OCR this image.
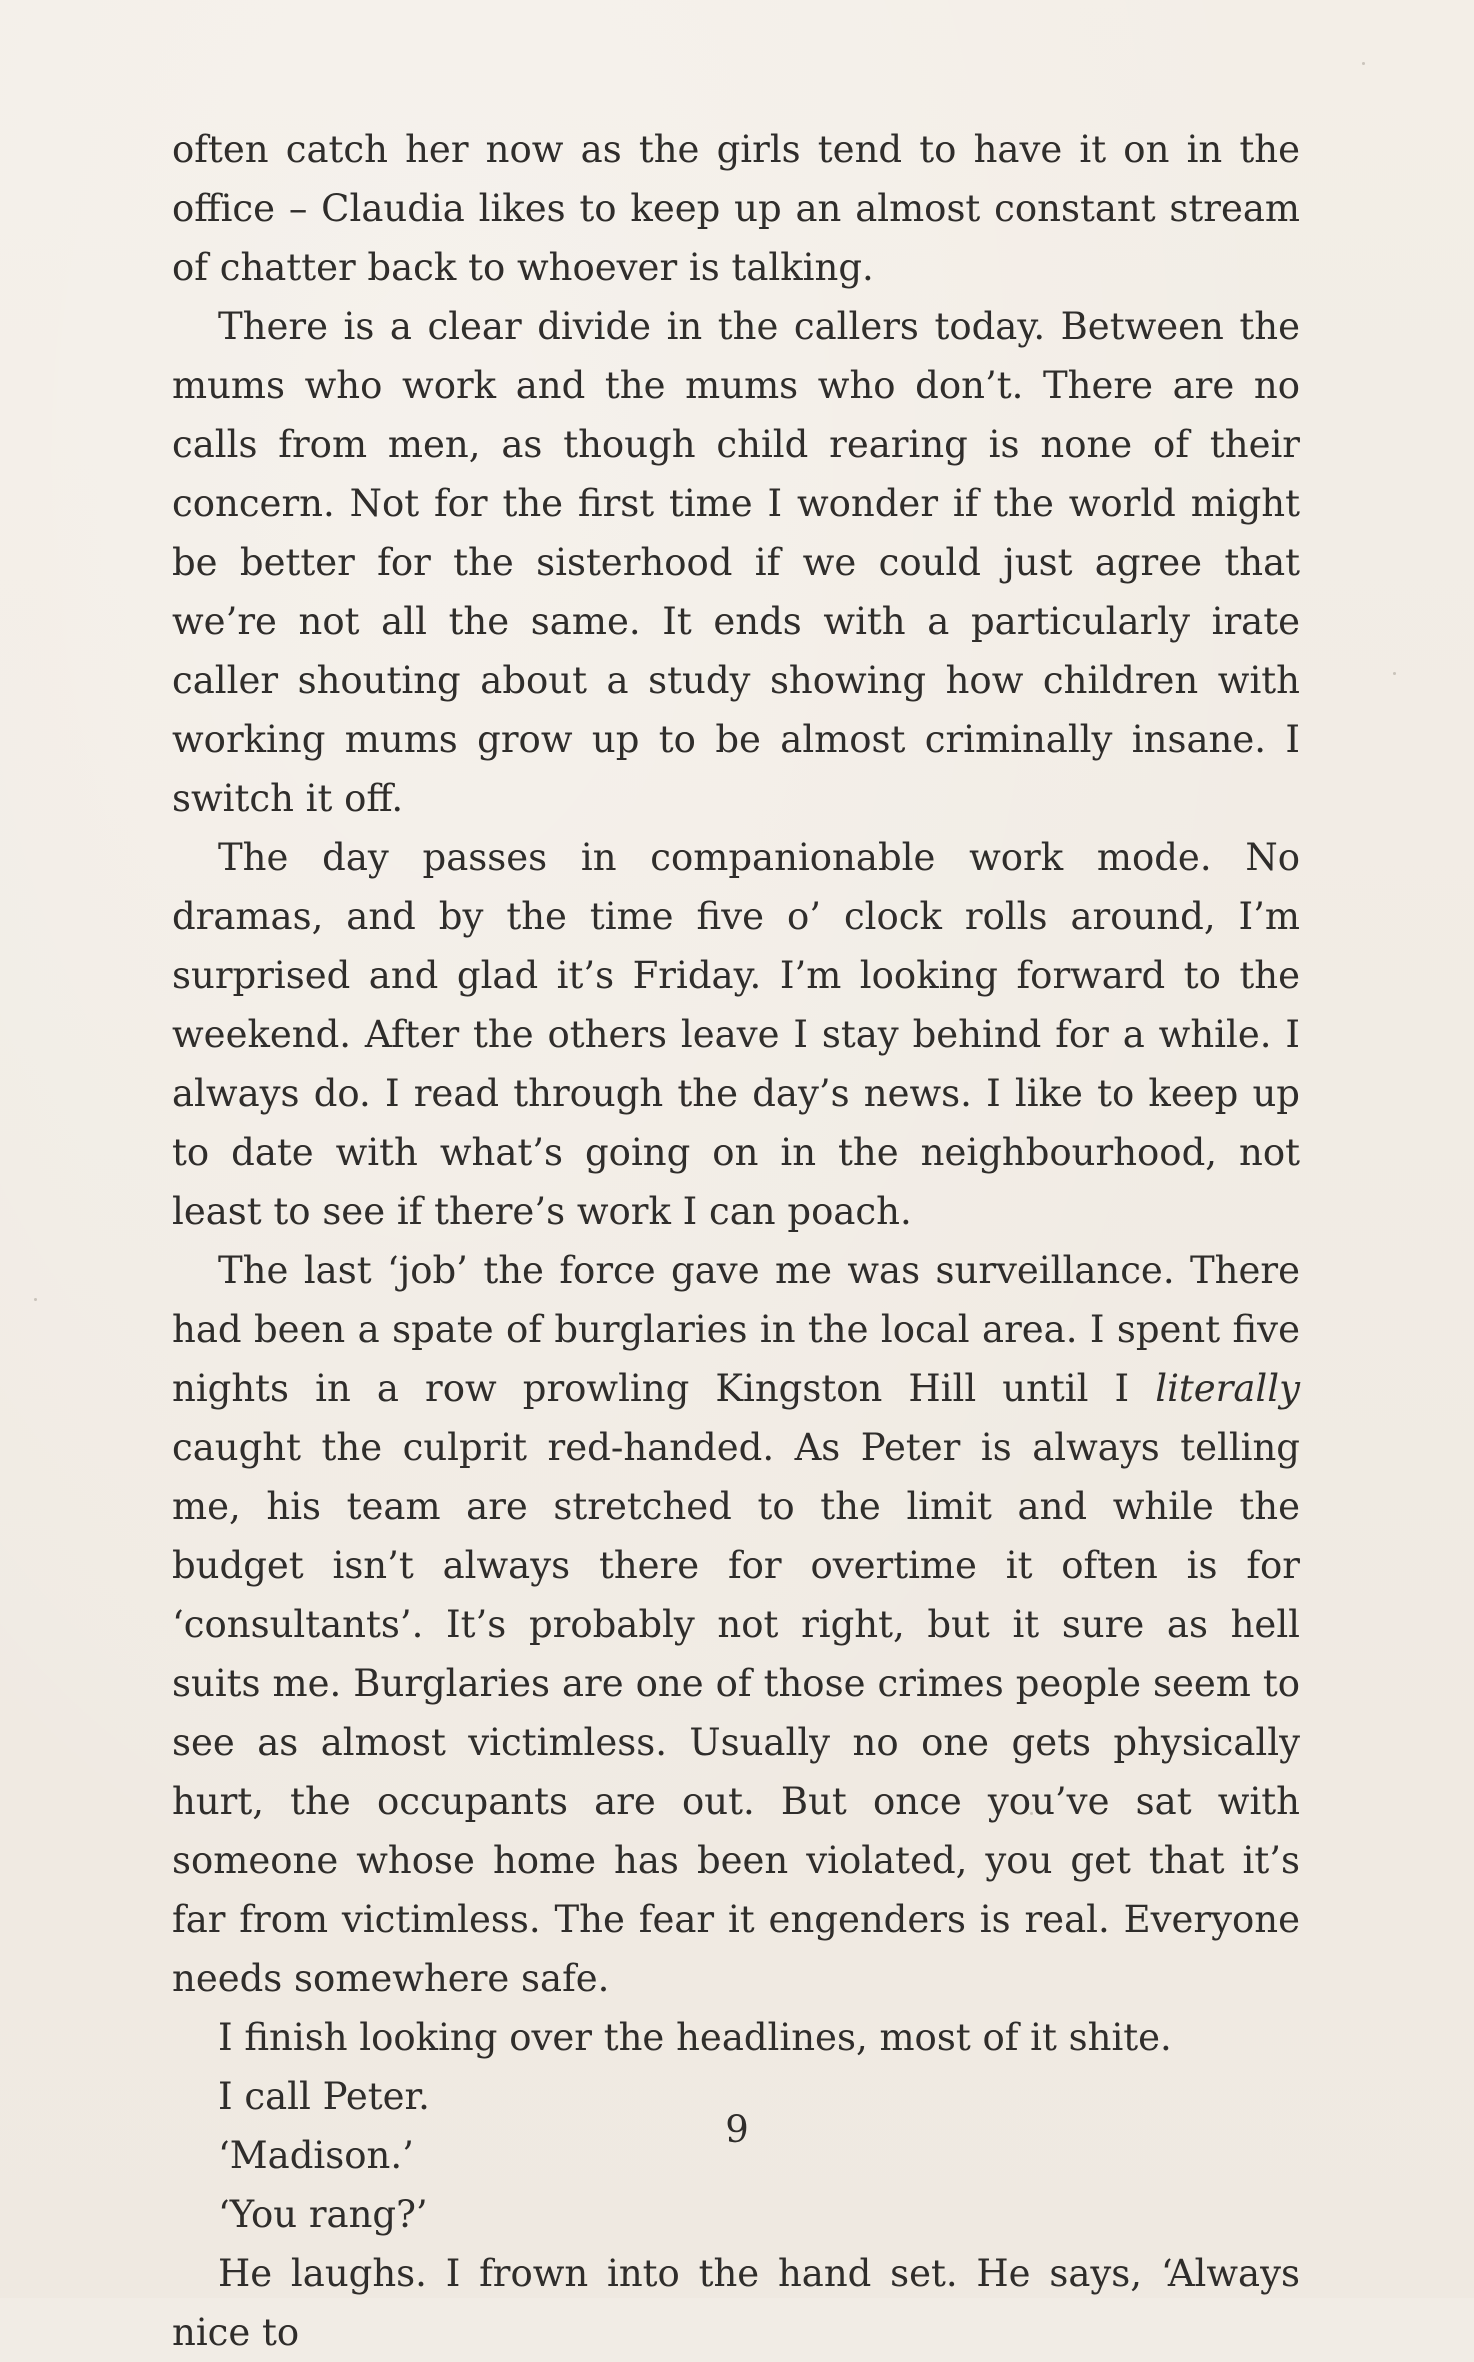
often catch her now as the girls tend to have it on in the office – Claudia likes to keep up an almost constant stream of chatter back to whoever is talking.

There is a clear divide in the callers today. Between the mums who work and the mums who don’t. There are no calls from men, as though child rearing is none of their concern. Not for the first time I wonder if the world might be better for the sisterhood if we could just agree that we’re not all the same. It ends with a particularly irate caller shouting about a study showing how children with working mums grow up to be almost criminally insane. I switch it off.

The day passes in companionable work mode. No dramas, and by the time five o’ clock rolls around, I’m surprised and glad it’s Friday. I’m looking forward to the weekend. After the others leave I stay behind for a while. I always do. I read through the day’s news. I like to keep up to date with what’s going on in the neighbourhood, not least to see if there’s work I can poach.

The last ‘job’ the force gave me was surveillance. There had been a spate of burglaries in the local area. I spent five nights in a row prowling Kingston Hill until I literally caught the culprit red-handed. As Peter is always telling me, his team are stretched to the limit and while the budget isn’t always there for overtime it often is for ‘consultants’. It’s probably not right, but it sure as hell suits me. Burglaries are one of those crimes people seem to see as almost victimless. Usually no one gets physically hurt, the occupants are out. But once you’ve sat with someone whose home has been violated, you get that it’s far from victimless. The fear it engenders is real. Everyone needs somewhere safe.

I finish looking over the headlines, most of it shite.

I call Peter.

‘Madison.’

‘You rang?’

He laughs. I frown into the hand set. He says, ‘Always nice to

9
